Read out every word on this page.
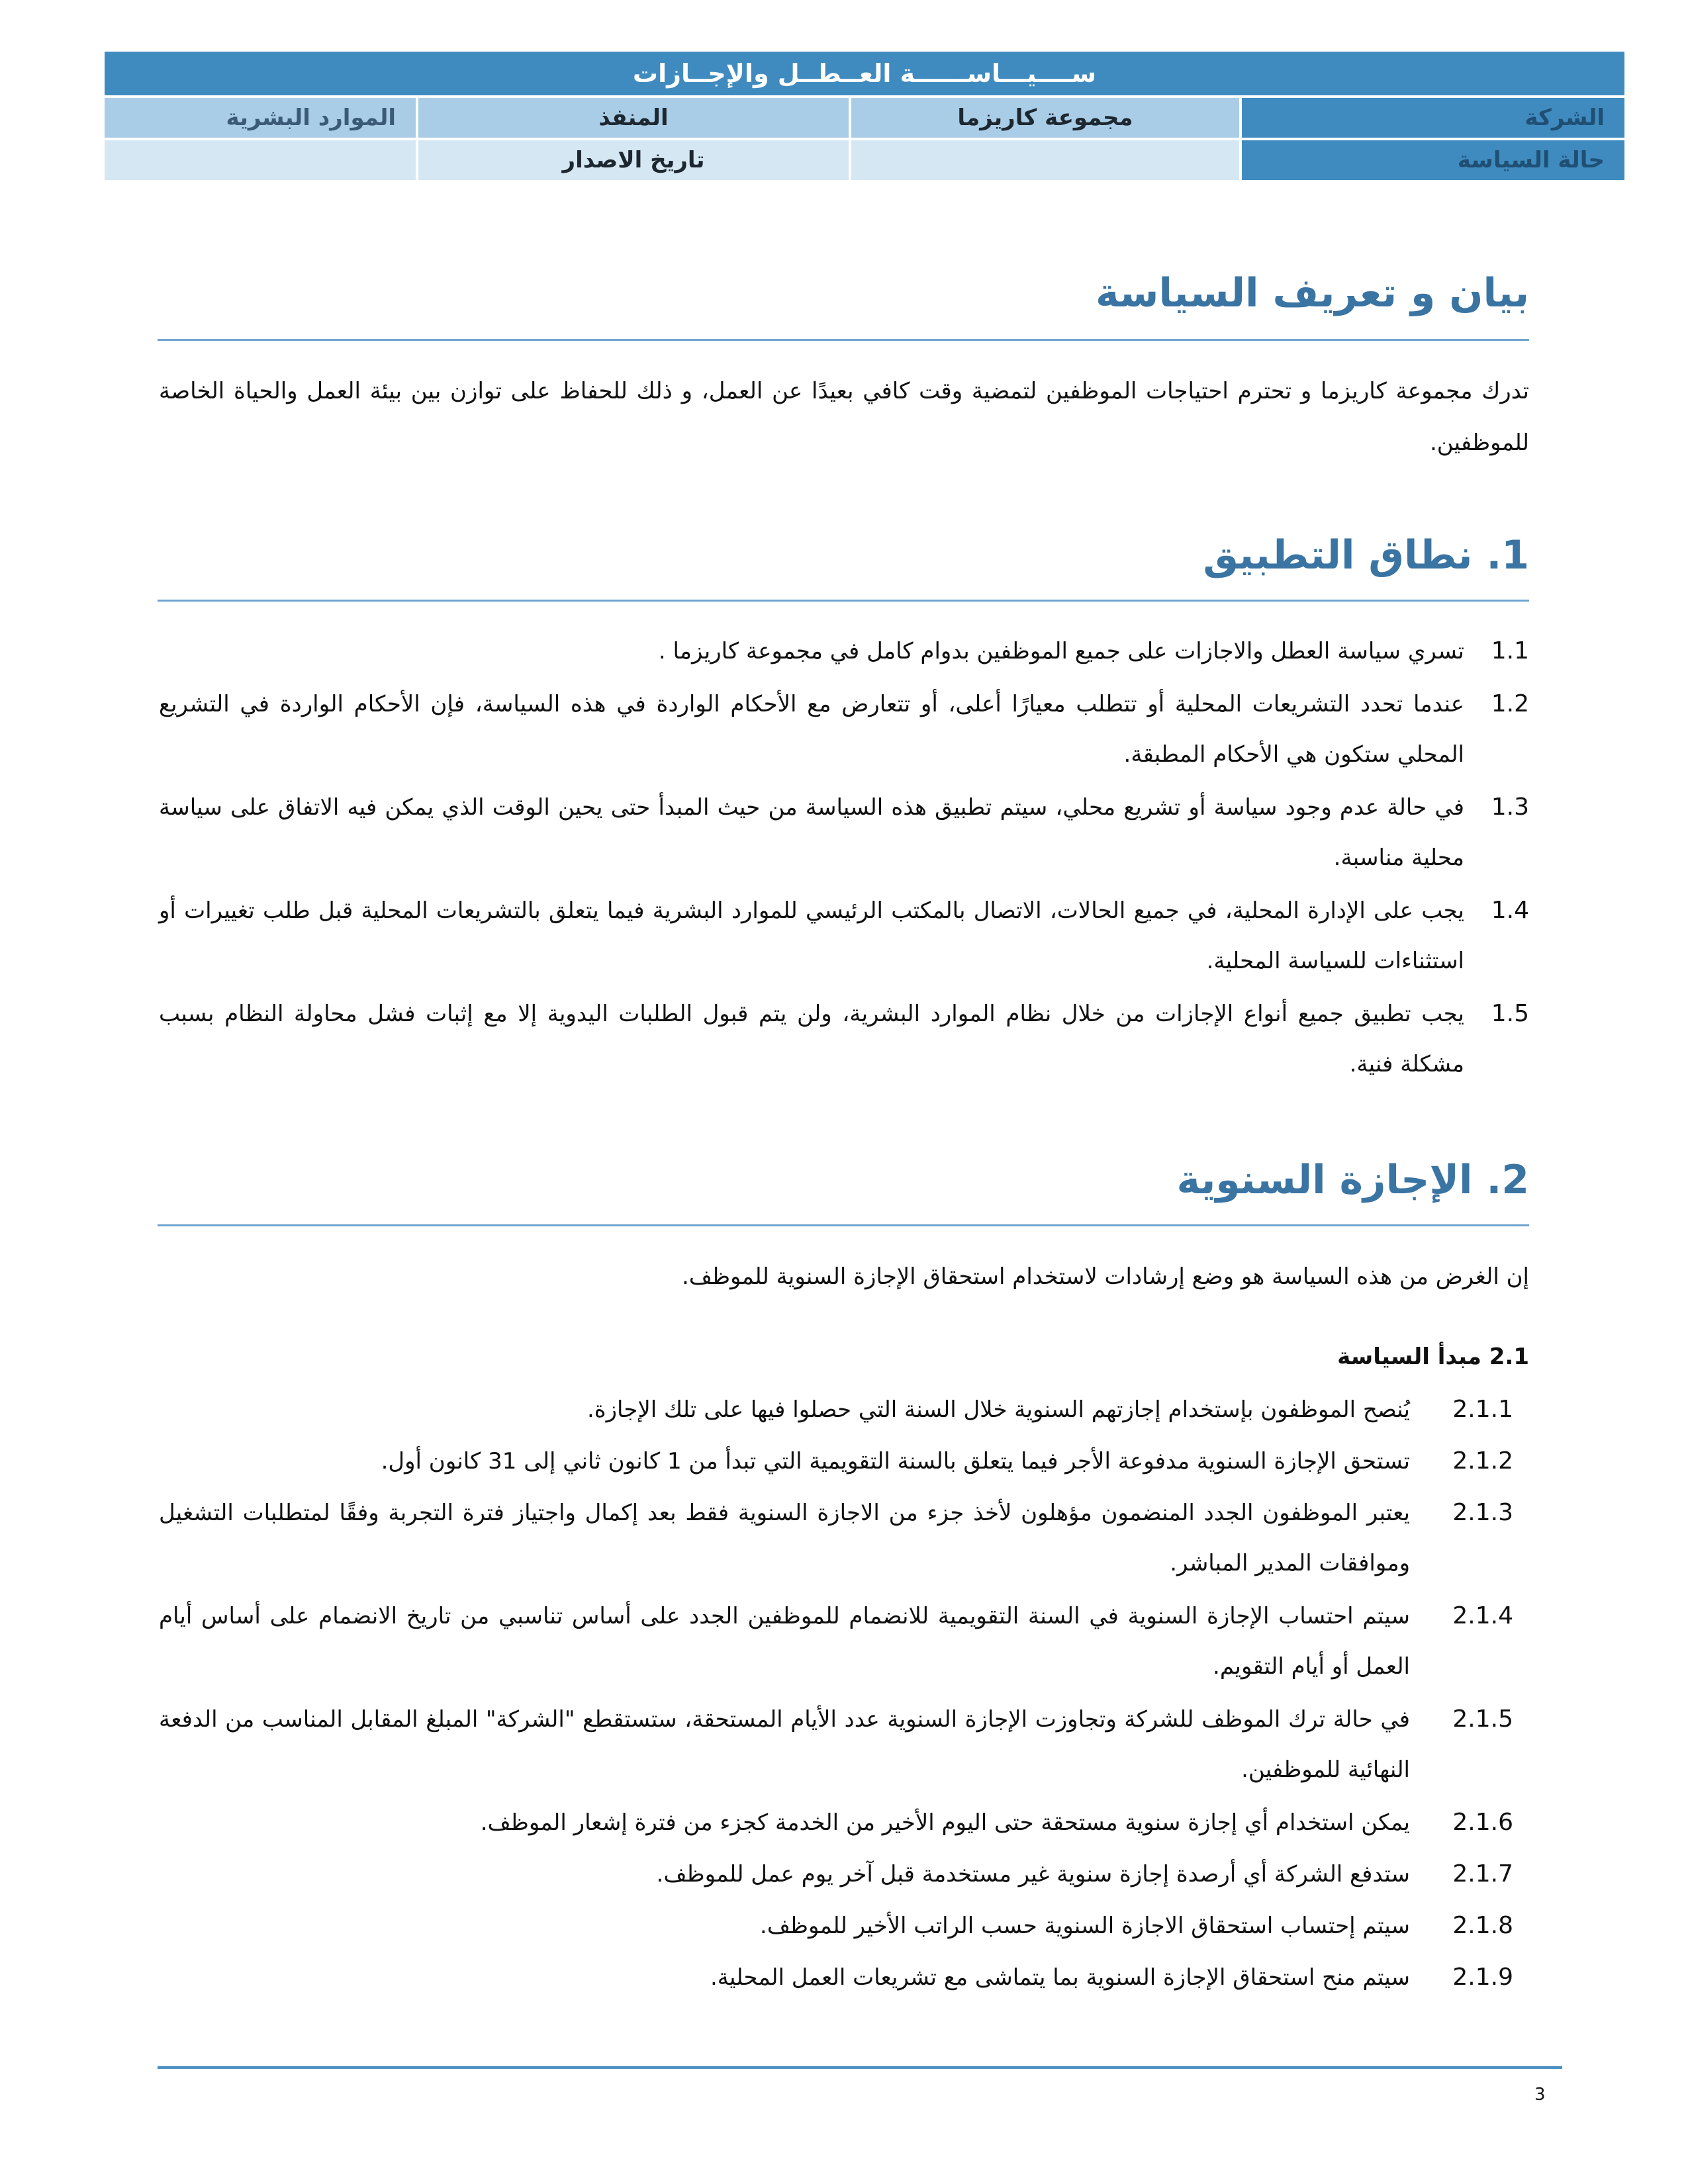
ســــيـــاســــــة العــطــل والإجــازات
الشركة
مجموعة كاريزما
المنفذ
الموارد البشرية
حالة السياسة
تاريخ الاصدار
بيان و تعريف السياسة

تدرك مجموعة كاريزما و تحترم احتياجات الموظفين لتمضية وقت كافي بعيدًا عن العمل، و ذلك للحفاظ على توازن بين بيئة العمل والحياة الخاصة للموظفين.

1. نطاق التطبيق
1.1
تسري سياسة العطل والاجازات على جميع الموظفين بدوام كامل في مجموعة كاريزما .
1.2
عندما تحدد التشريعات المحلية أو تتطلب معيارًا أعلى، أو تتعارض مع الأحكام الواردة في هذه السياسة، فإن الأحكام الواردة في التشريع المحلي ستكون هي الأحكام المطبقة.
1.3
في حالة عدم وجود سياسة أو تشريع محلي، سيتم تطبيق هذه السياسة من حيث المبدأ حتى يحين الوقت الذي يمكن فيه الاتفاق على سياسة محلية مناسبة.
1.4
يجب على الإدارة المحلية، في جميع الحالات، الاتصال بالمكتب الرئيسي للموارد البشرية فيما يتعلق بالتشريعات المحلية قبل طلب تغييرات أو استثناءات للسياسة المحلية.
1.5
يجب تطبيق جميع أنواع الإجازات من خلال نظام الموارد البشرية، ولن يتم قبول الطلبات اليدوية إلا مع إثبات فشل محاولة النظام بسبب مشكلة فنية.
2. الإجازة السنوية

إن الغرض من هذه السياسة هو وضع إرشادات لاستخدام استحقاق الإجازة السنوية للموظف.

2.1 مبدأ السياسة
2.1.1
يُنصح الموظفون بإستخدام إجازتهم السنوية خلال السنة التي حصلوا فيها على تلك الإجازة.
2.1.2
تستحق الإجازة السنوية مدفوعة الأجر فيما يتعلق بالسنة التقويمية التي تبدأ من 1 كانون ثاني إلى 31 كانون أول.
2.1.3
يعتبر الموظفون الجدد المنضمون مؤهلون لأخذ جزء من الاجازة السنوية فقط بعد إكمال واجتياز فترة التجربة وفقًا لمتطلبات التشغيل وموافقات المدير المباشر.
2.1.4
سيتم احتساب الإجازة السنوية في السنة التقويمية للانضمام للموظفين الجدد على أساس تناسبي من تاريخ الانضمام على أساس أيام العمل أو أيام التقويم.
2.1.5
في حالة ترك الموظف للشركة وتجاوزت الإجازة السنوية عدد الأيام المستحقة، ستستقطع "الشركة" المبلغ المقابل المناسب من الدفعة النهائية للموظفين.
2.1.6
يمكن استخدام أي إجازة سنوية مستحقة حتى اليوم الأخير من الخدمة كجزء من فترة إشعار الموظف.
2.1.7
ستدفع الشركة أي أرصدة إجازة سنوية غير مستخدمة قبل آخر يوم عمل للموظف.
2.1.8
سيتم إحتساب استحقاق الاجازة السنوية حسب الراتب الأخير للموظف.
2.1.9
سيتم منح استحقاق الإجازة السنوية بما يتماشى مع تشريعات العمل المحلية.
3
